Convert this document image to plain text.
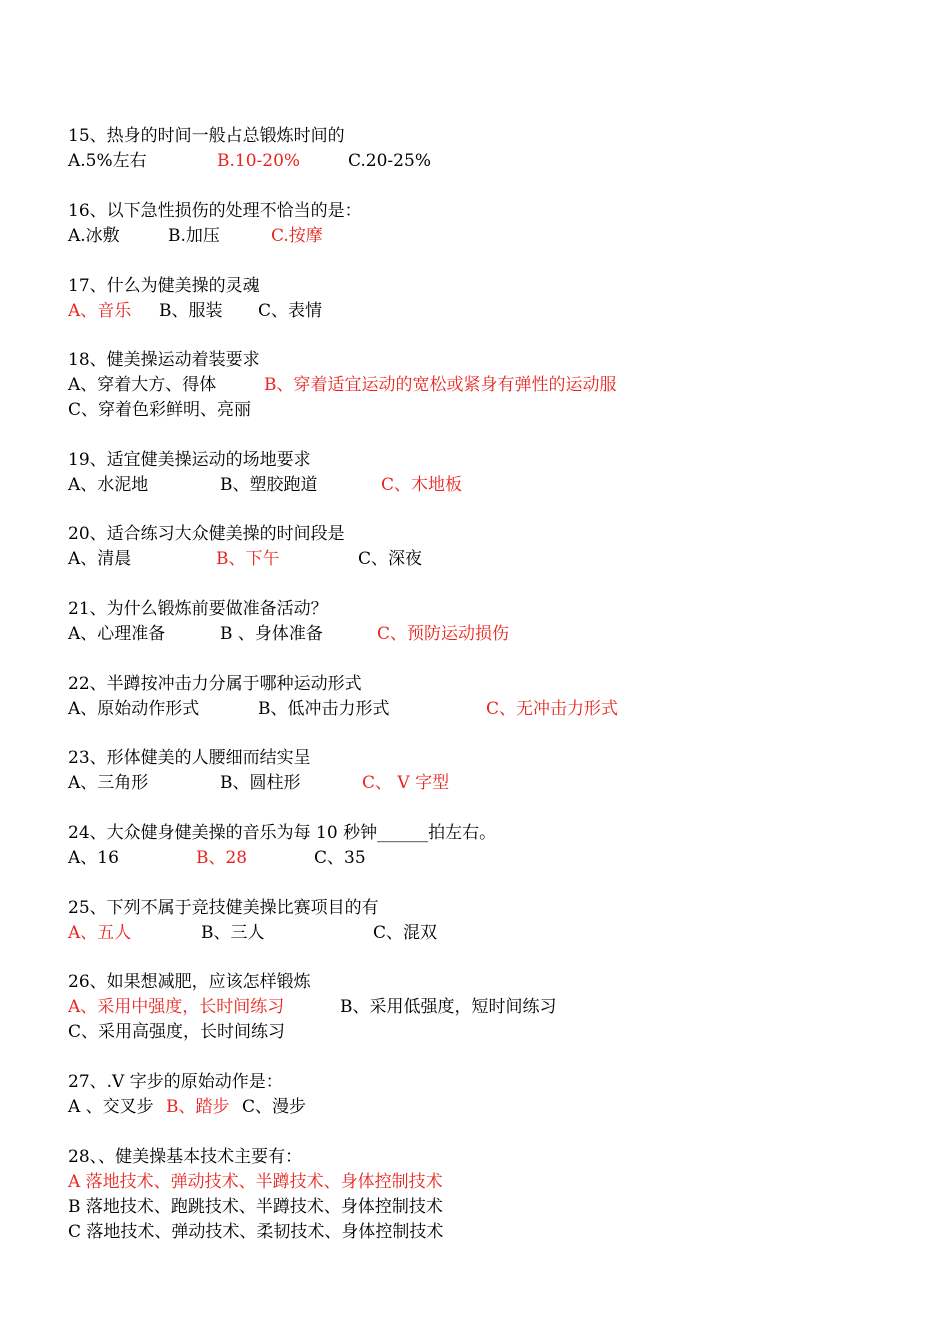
15、热身的时间一般占总锻炼时间的
A.5%左右	B.10-20%	C.20-25%
16、以下急性损伤的处理不恰当的是：
A.冰敷	B.加压	C.按摩
17、什么为健美操的灵魂
A、音乐 B、服装 C、表情
18、健美操运动着装要求
A、穿着大方、得体	B、穿着适宜运动的宽松或紧身有弹性的运动服
C、穿着色彩鲜明、亮丽
19、适宜健美操运动的场地要求
A、水泥地	B、塑胶跑道	C、木地板
20、适合练习大众健美操的时间段是
A、清晨	B、下午	C、深夜
21、为什么锻炼前要做准备活动？
A、心理准备	B 、身体准备	C、预防运动损伤
22、半蹲按冲击力分属于哪种运动形式
A、原始动作形式	B、低冲击力形式	C、无冲击力形式
23、形体健美的人腰细而结实呈
A、三角形	B、圆柱形	C、 V 字型
24、大众健身健美操的音乐为每 10 秒钟______拍左右。
A、16	B、28	C、35
25、下列不属于竞技健美操比赛项目的有
A、五人	B、三人	C、混双
26、如果想减肥，应该怎样锻炼
A、采用中强度，长时间练习	B、采用低强度，短时间练习
C、采用高强度，长时间练习
27、.V 字步的原始动作是：
A 、交叉步 B、踏步 C、漫步
28、、健美操基本技术主要有：
A 落地技术、弹动技术、半蹲技术、身体控制技术
B 落地技术、跑跳技术、半蹲技术、身体控制技术
C 落地技术、弹动技术、柔韧技术、身体控制技术
